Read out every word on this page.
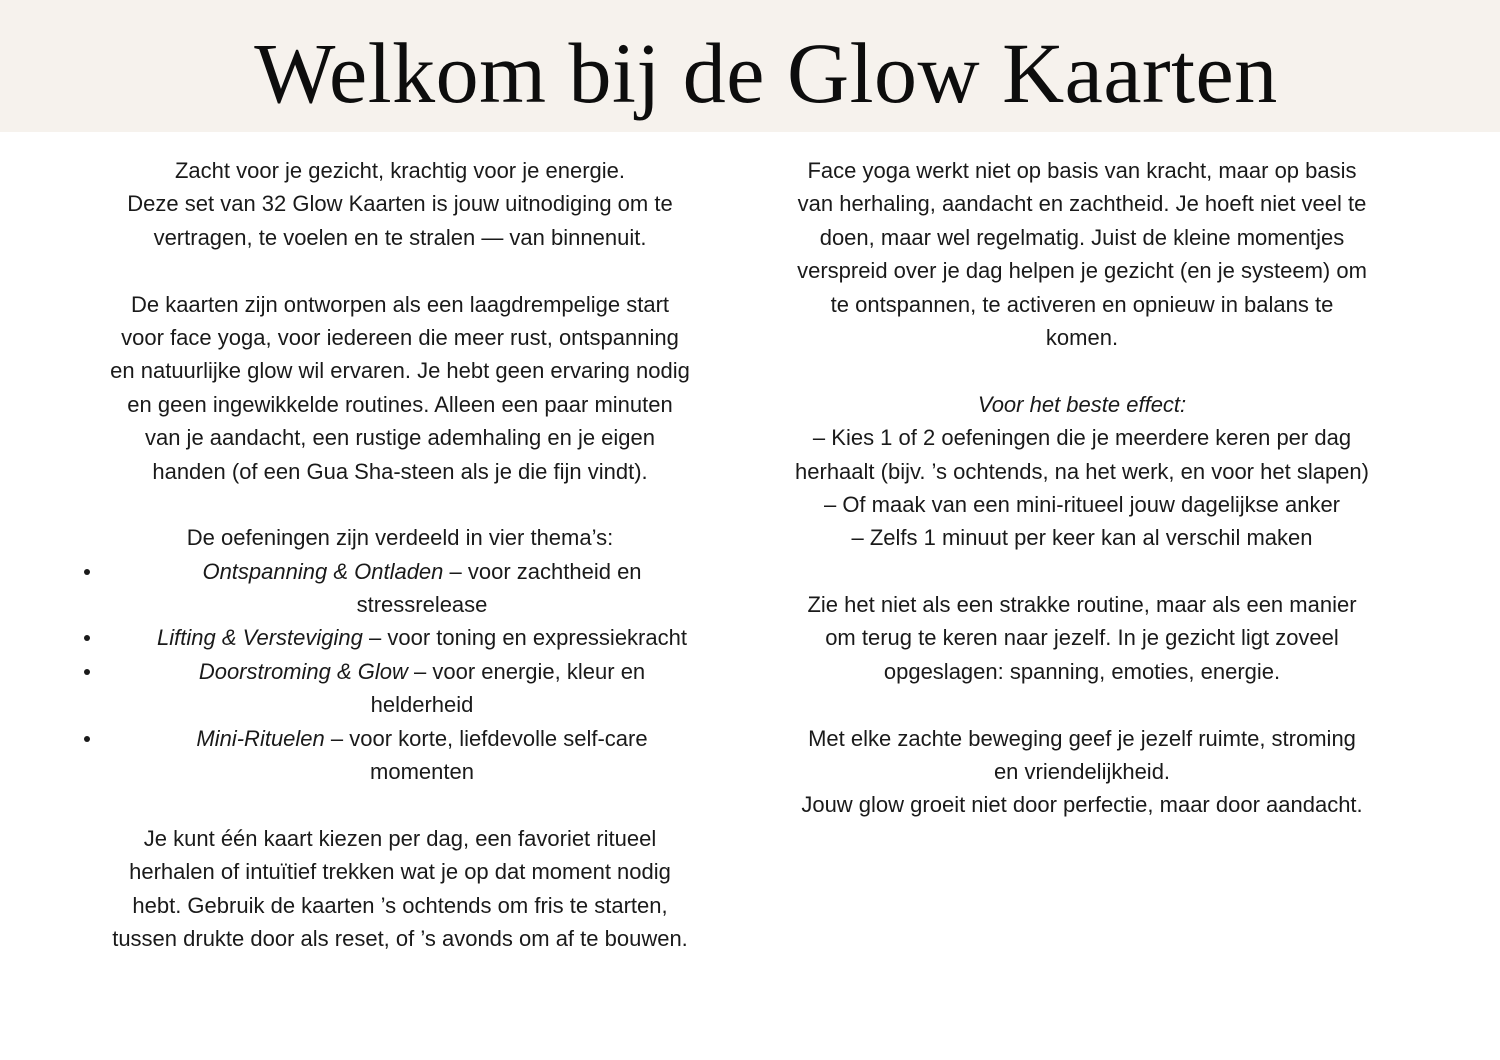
Welkom bij de Glow Kaarten
Zacht voor je gezicht, krachtig voor je energie.
Deze set van 32 Glow Kaarten is jouw uitnodiging om te
vertragen, te voelen en te stralen — van binnenuit.
De kaarten zijn ontworpen als een laagdrempelige start
voor face yoga, voor iedereen die meer rust, ontspanning
en natuurlijke glow wil ervaren. Je hebt geen ervaring nodig
en geen ingewikkelde routines. Alleen een paar minuten
van je aandacht, een rustige ademhaling en je eigen
handen (of een Gua Sha-steen als je die fijn vindt).
De oefeningen zijn verdeeld in vier thema’s:
Ontspanning & Ontladen – voor zachtheid en
stressrelease
Lifting & Versteviging – voor toning en expressiekracht
Doorstroming & Glow – voor energie, kleur en
helderheid
Mini-Rituelen – voor korte, liefdevolle self-care
momenten
Je kunt één kaart kiezen per dag, een favoriet ritueel
herhalen of intuïtief trekken wat je op dat moment nodig
hebt. Gebruik de kaarten ’s ochtends om fris te starten,
tussen drukte door als reset, of ’s avonds om af te bouwen.
Face yoga werkt niet op basis van kracht, maar op basis
van herhaling, aandacht en zachtheid. Je hoeft niet veel te
doen, maar wel regelmatig. Juist de kleine momentjes
verspreid over je dag helpen je gezicht (en je systeem) om
te ontspannen, te activeren en opnieuw in balans te
komen.
Voor het beste effect:
– Kies 1 of 2 oefeningen die je meerdere keren per dag
herhaalt (bijv. ’s ochtends, na het werk, en voor het slapen)
– Of maak van een mini-ritueel jouw dagelijkse anker
– Zelfs 1 minuut per keer kan al verschil maken
Zie het niet als een strakke routine, maar als een manier
om terug te keren naar jezelf. In je gezicht ligt zoveel
opgeslagen: spanning, emoties, energie.
Met elke zachte beweging geef je jezelf ruimte, stroming
en vriendelijkheid.
Jouw glow groeit niet door perfectie, maar door aandacht.
